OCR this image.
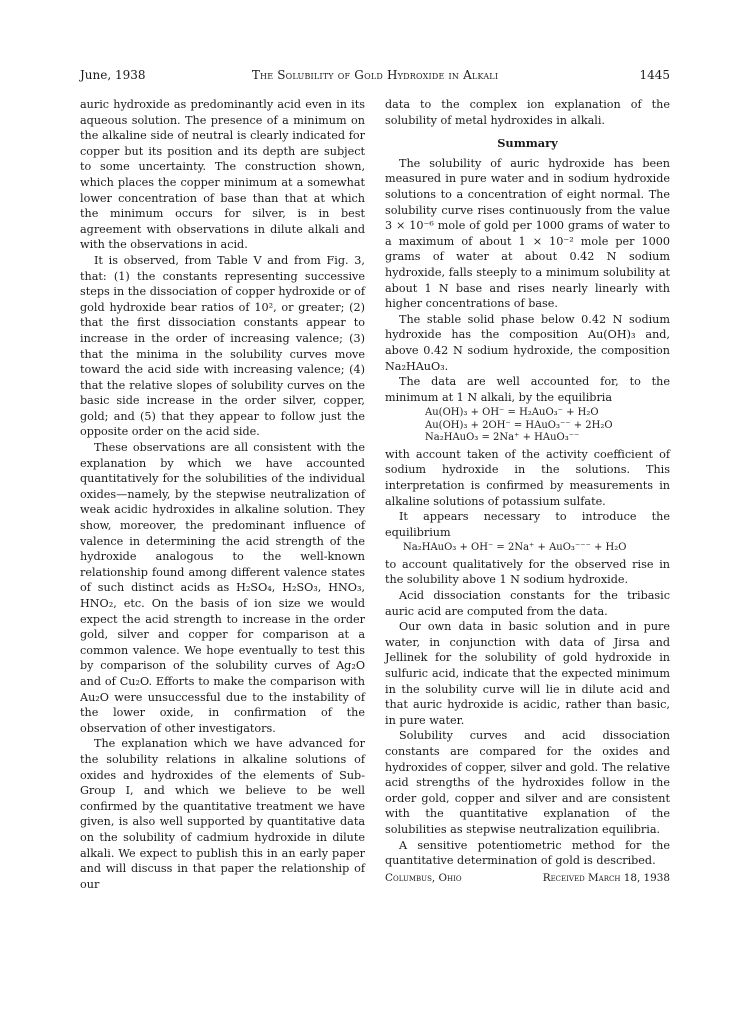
June, 1938	The Solubility of Gold Hydroxide in Alkali	1445

auric hydroxide as predominantly acid even in its aqueous solution. The presence of a minimum on the alkaline side of neutral is clearly indicated for copper but its position and its depth are subject to some uncertainty. The construction shown, which places the copper minimum at a somewhat lower concentration of base than that at which the minimum occurs for silver, is in best agreement with observations in dilute alkali and with the observations in acid.

It is observed, from Table V and from Fig. 3, that: (1) the constants representing successive steps in the dissociation of copper hydroxide or of gold hydroxide bear ratios of 10², or greater; (2) that the first dissociation constants appear to increase in the order of increasing valence; (3) that the minima in the solubility curves move toward the acid side with increasing valence; (4) that the relative slopes of solubility curves on the basic side increase in the order silver, copper, gold; and (5) that they appear to follow just the opposite order on the acid side.

These observations are all consistent with the explanation by which we have accounted quantitatively for the solubilities of the individual oxides—namely, by the stepwise neutralization of weak acidic hydroxides in alkaline solution. They show, moreover, the predominant influence of valence in determining the acid strength of the hydroxide analogous to the well-known relationship found among different valence states of such distinct acids as H₂SO₄, H₂SO₃, HNO₃, HNO₂, etc. On the basis of ion size we would expect the acid strength to increase in the order gold, silver and copper for comparison at a common valence. We hope eventually to test this by comparison of the solubility curves of Ag₂O and of Cu₂O. Efforts to make the comparison with Au₂O were unsuccessful due to the instability of the lower oxide, in confirmation of the observation of other investigators.

The explanation which we have advanced for the solubility relations in alkaline solutions of oxides and hydroxides of the elements of Sub-Group I, and which we believe to be well confirmed by the quantitative treatment we have given, is also well supported by quantitative data on the solubility of cadmium hydroxide in dilute alkali. We expect to publish this in an early paper and will discuss in that paper the relationship of our

data to the complex ion explanation of the solubility of metal hydroxides in alkali.

Summary

The solubility of auric hydroxide has been measured in pure water and in sodium hydroxide solutions to a concentration of eight normal. The solubility curve rises continuously from the value 3 × 10⁻⁶ mole of gold per 1000 grams of water to a maximum of about 1 × 10⁻² mole per 1000 grams of water at about 0.42 N sodium hydroxide, falls steeply to a minimum solubility at about 1 N base and rises nearly linearly with higher concentrations of base.

The stable solid phase below 0.42 N sodium hydroxide has the composition Au(OH)₃ and, above 0.42 N sodium hydroxide, the composition Na₂HAuO₃.

The data are well accounted for, to the minimum at 1 N alkali, by the equilibria

Au(OH)₃ + OH⁻ = H₂AuO₃⁻ + H₂O
Au(OH)₃ + 2OH⁻ = HAuO₃⁻⁻ + 2H₂O
Na₂HAuO₃ = 2Na⁺ + HAuO₃⁻⁻

with account taken of the activity coefficient of sodium hydroxide in the solutions. This interpretation is confirmed by measurements in alkaline solutions of potassium sulfate.

It appears necessary to introduce the equilibrium

Na₂HAuO₃ + OH⁻ = 2Na⁺ + AuO₃⁻⁻⁻ + H₂O

to account qualitatively for the observed rise in the solubility above 1 N sodium hydroxide.

Acid dissociation constants for the tribasic auric acid are computed from the data.

Our own data in basic solution and in pure water, in conjunction with data of Jirsa and Jellinek for the solubility of gold hydroxide in sulfuric acid, indicate that the expected minimum in the solubility curve will lie in dilute acid and that auric hydroxide is acidic, rather than basic, in pure water.

Solubility curves and acid dissociation constants are compared for the oxides and hydroxides of copper, silver and gold. The relative acid strengths of the hydroxides follow in the order gold, copper and silver and are consistent with the quantitative explanation of the solubilities as stepwise neutralization equilibria.

A sensitive potentiometric method for the quantitative determination of gold is described.

Columbus, Ohio	Received March 18, 1938
